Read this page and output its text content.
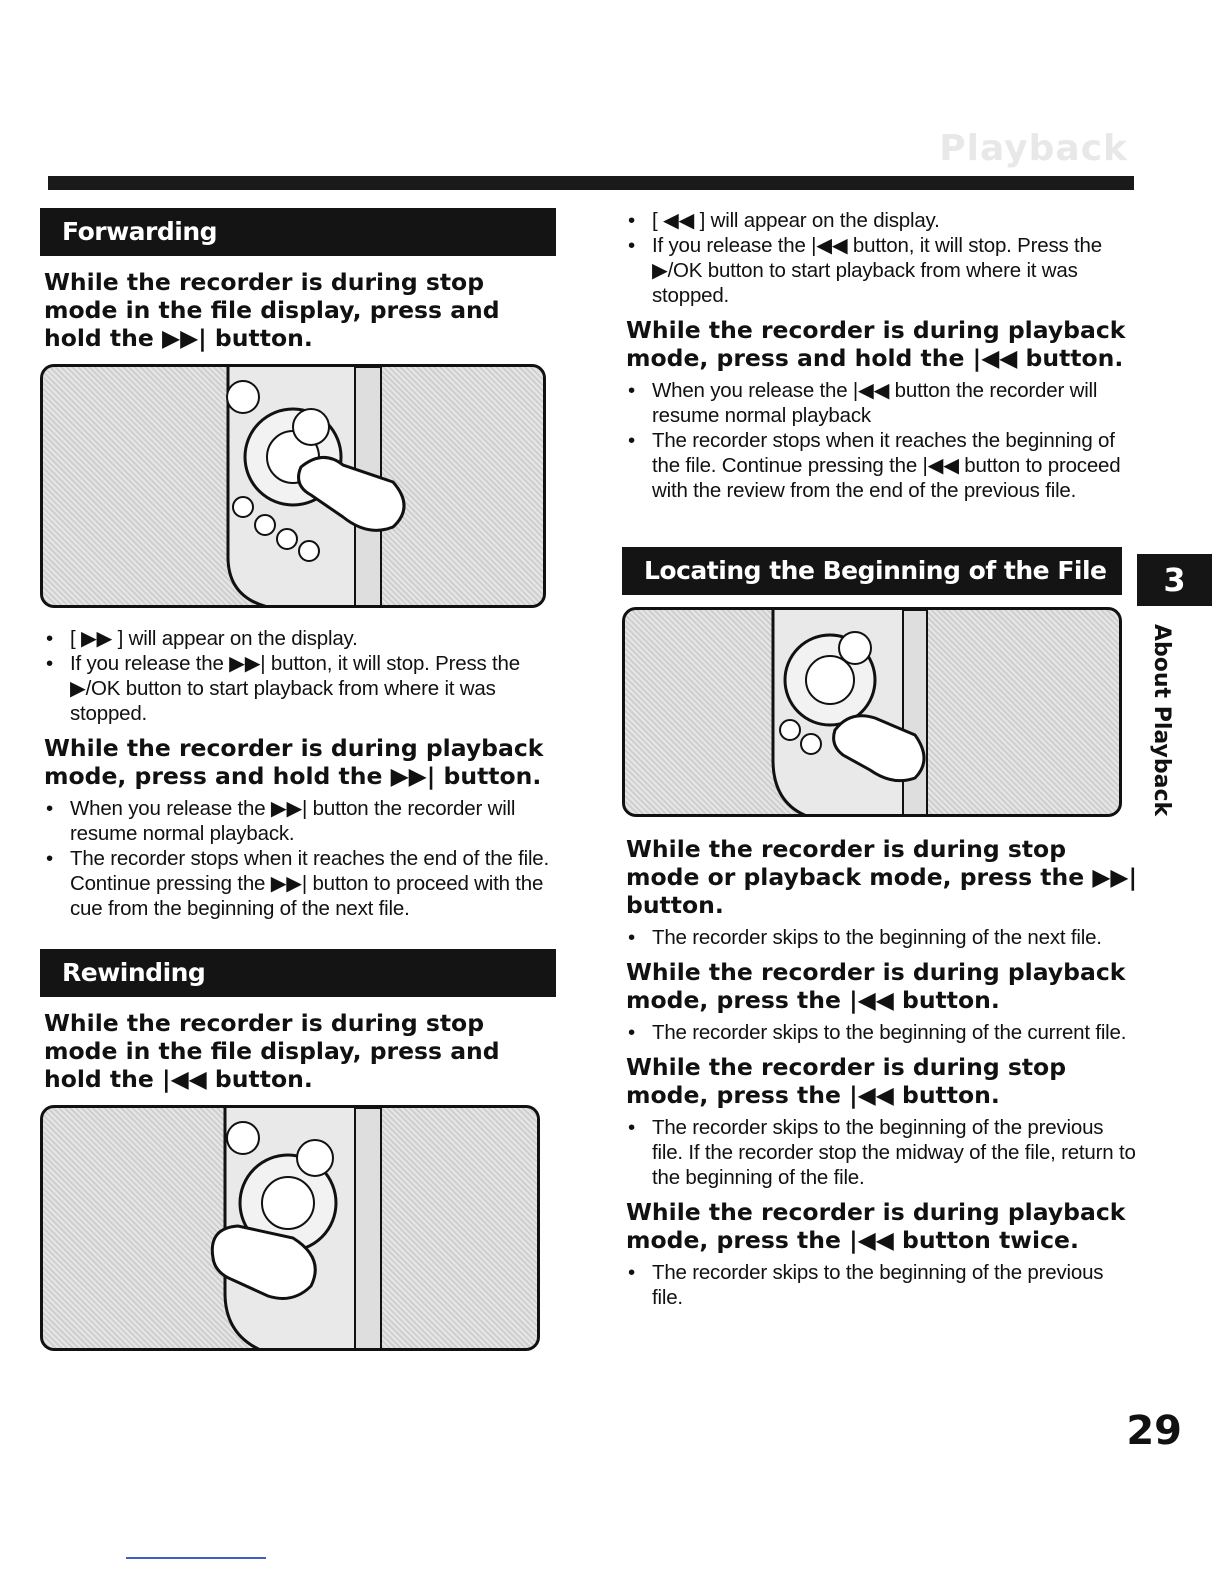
Playback
Forwarding
While the recorder is during stop mode in the file display, press and hold the ▶▶| button.
• [ ▶▶ ] will appear on the display.
• If you release the ▶▶| button, it will stop. Press the ▶/OK button to start playback from where it was stopped.
While the recorder is during playback mode, press and hold the ▶▶| button.
• When you release the ▶▶| button the recorder will resume normal playback.
• The recorder stops when it reaches the end of the file. Continue pressing the ▶▶| button to proceed with the cue from the beginning of the next file.
Rewinding
While the recorder is during stop mode in the file display, press and hold the |◀◀ button.
• [ ◀◀ ] will appear on the display.
• If you release the |◀◀ button, it will stop. Press the ▶/OK button to start playback from where it was stopped.
While the recorder is during playback mode, press and hold the |◀◀ button.
• When you release the |◀◀ button the recorder will resume normal playback
• The recorder stops when it reaches the beginning of the file. Continue pressing the |◀◀ button to proceed with the review from the end of the previous file.
Locating the Beginning of the File
While the recorder is during stop mode or playback mode, press the ▶▶| button.
• The recorder skips to the beginning of the next file.
While the recorder is during playback mode, press the |◀◀ button.
• The recorder skips to the beginning of the current file.
While the recorder is during stop mode, press the |◀◀ button.
• The recorder skips to the beginning of the previous file. If the recorder stop the midway of the file, return to the beginning of the file.
While the recorder is during playback mode, press the |◀◀ button twice.
• The recorder skips to the beginning of the previous file.
3
About Playback
29
